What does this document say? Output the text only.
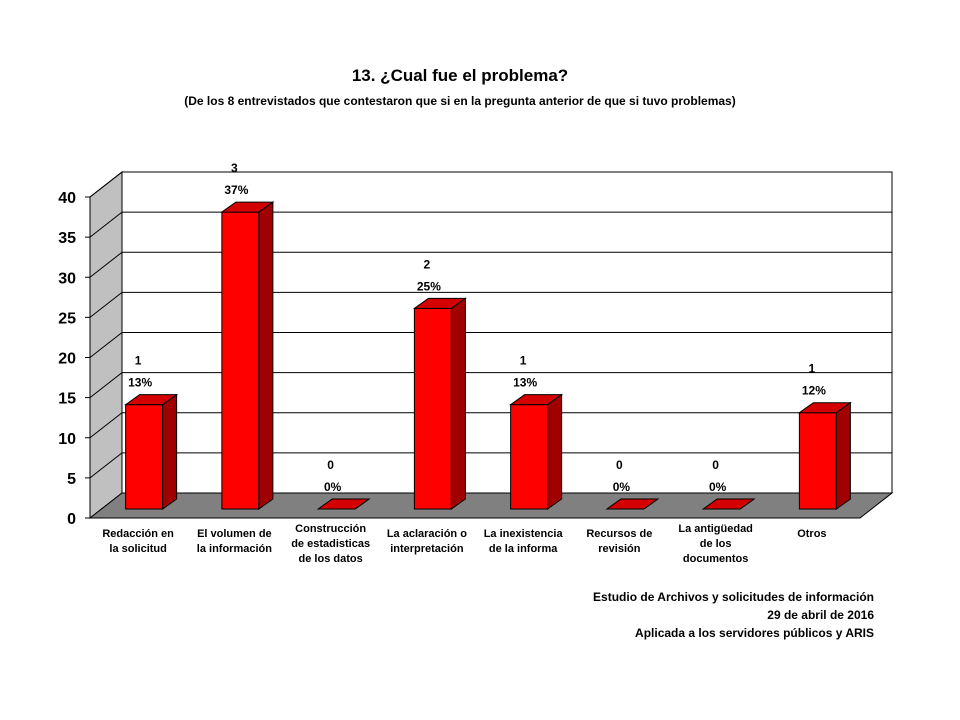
13. ¿Cual fue el problema?
(De los 8 entrevistados que contestaron que si en la pregunta anterior de que si tuvo problemas)
0
5
10
15
20
25
30
35
40
1
13%
3
37%
0
0%
2
25%
1
13%
0
0%
0
0%
1
12%
Redacción en
la solicitud
El volumen de
la información
Construcción
de estadisticas
de los datos
La aclaración o
interpretación
La inexistencia
de la informa
Recursos de
revisión
La antigüedad
de los
documentos
Otros
Estudio de Archivos y solicitudes de información
29 de abril de 2016
Aplicada a los servidores públicos y ARIS
